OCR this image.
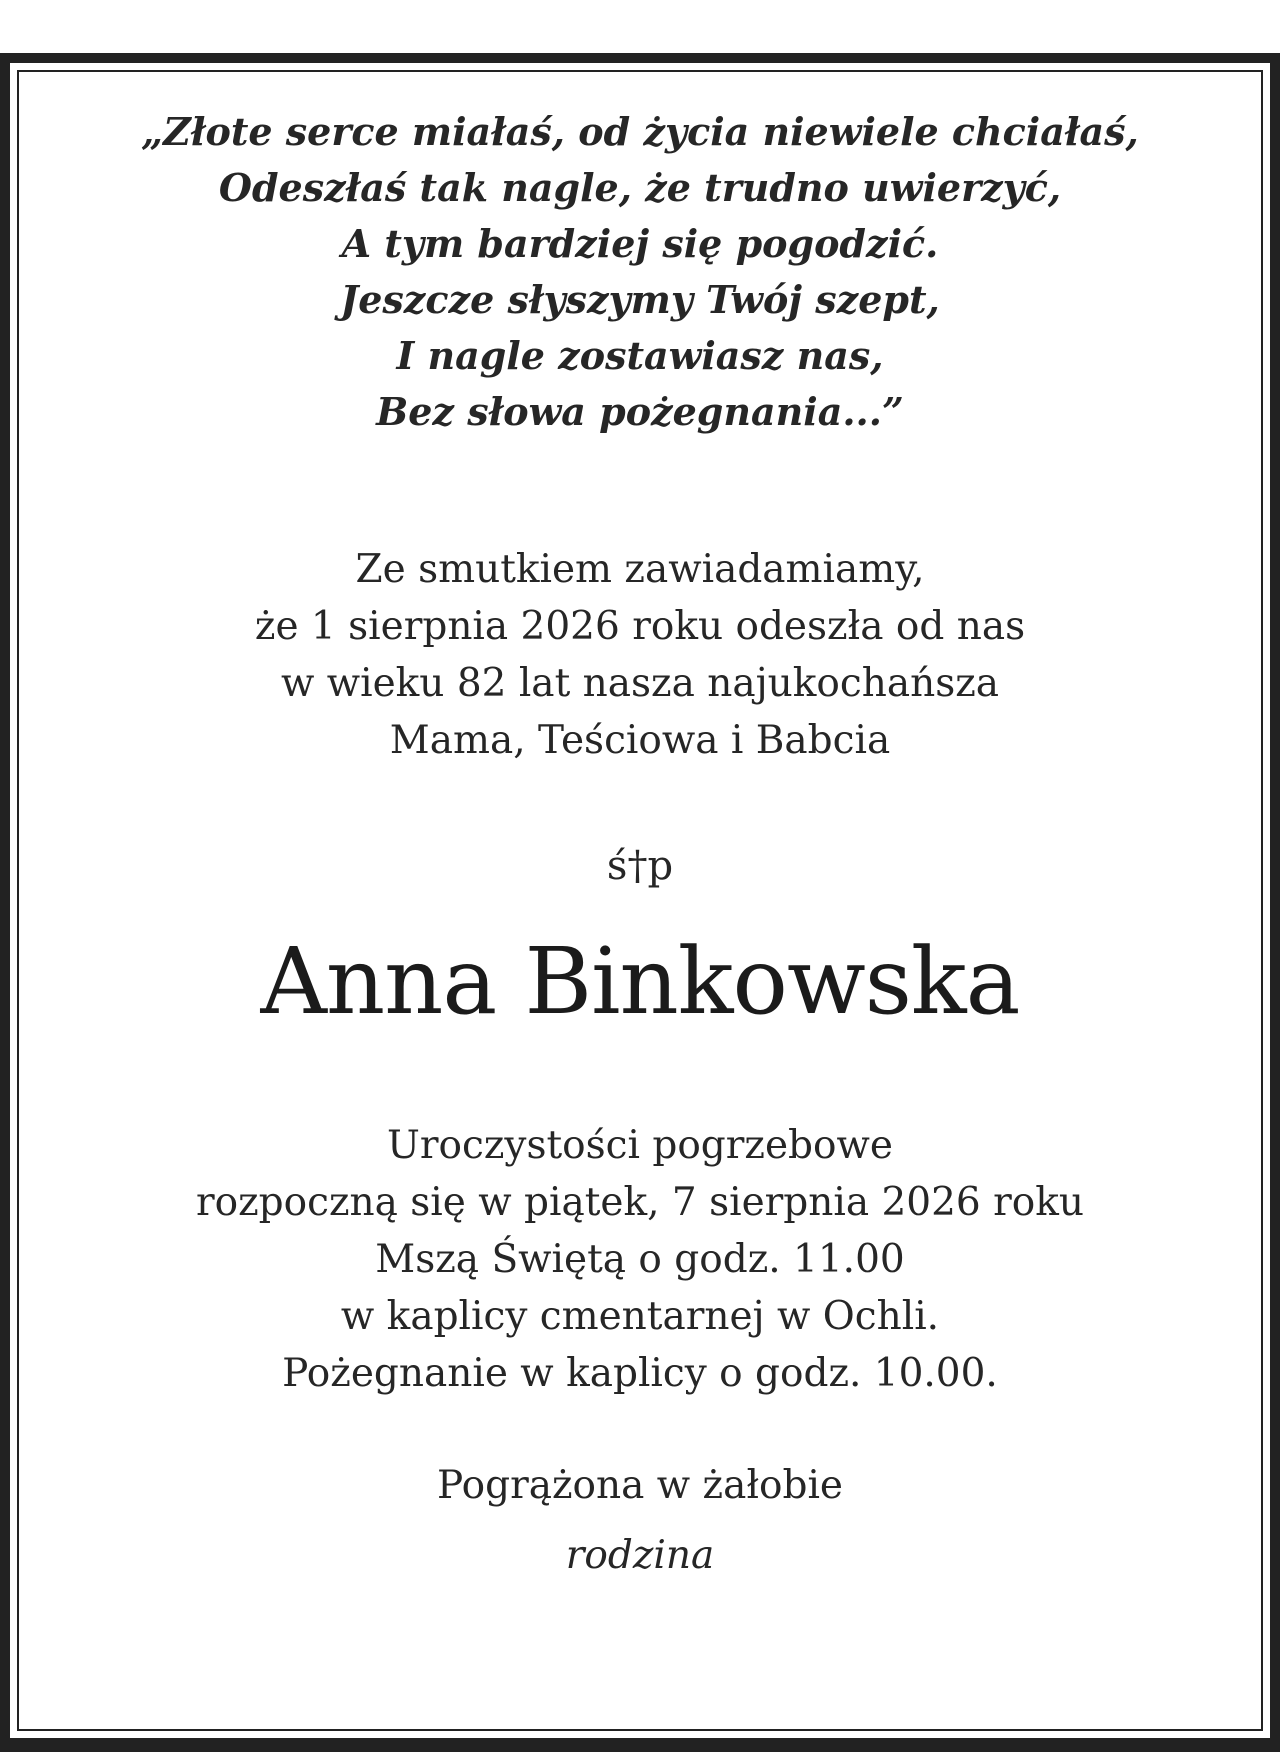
„Złote serce miałaś, od życia niewiele chciałaś,
Odeszłaś tak nagle, że trudno uwierzyć,
A tym bardziej się pogodzić.
Jeszcze słyszymy Twój szept,
I nagle zostawiasz nas,
Bez słowa pożegnania...”
Ze smutkiem zawiadamiamy,
że 1 sierpnia 2026 roku odeszła od nas
w wieku 82 lat nasza najukochańsza
Mama, Teściowa i Babcia
ś†p
Anna Binkowska
Uroczystości pogrzebowe
rozpoczną się w piątek, 7 sierpnia 2026 roku
Mszą Świętą o godz. 11.00
w kaplicy cmentarnej w Ochli.
Pożegnanie w kaplicy o godz. 10.00.
Pogrążona w żałobie
rodzina
